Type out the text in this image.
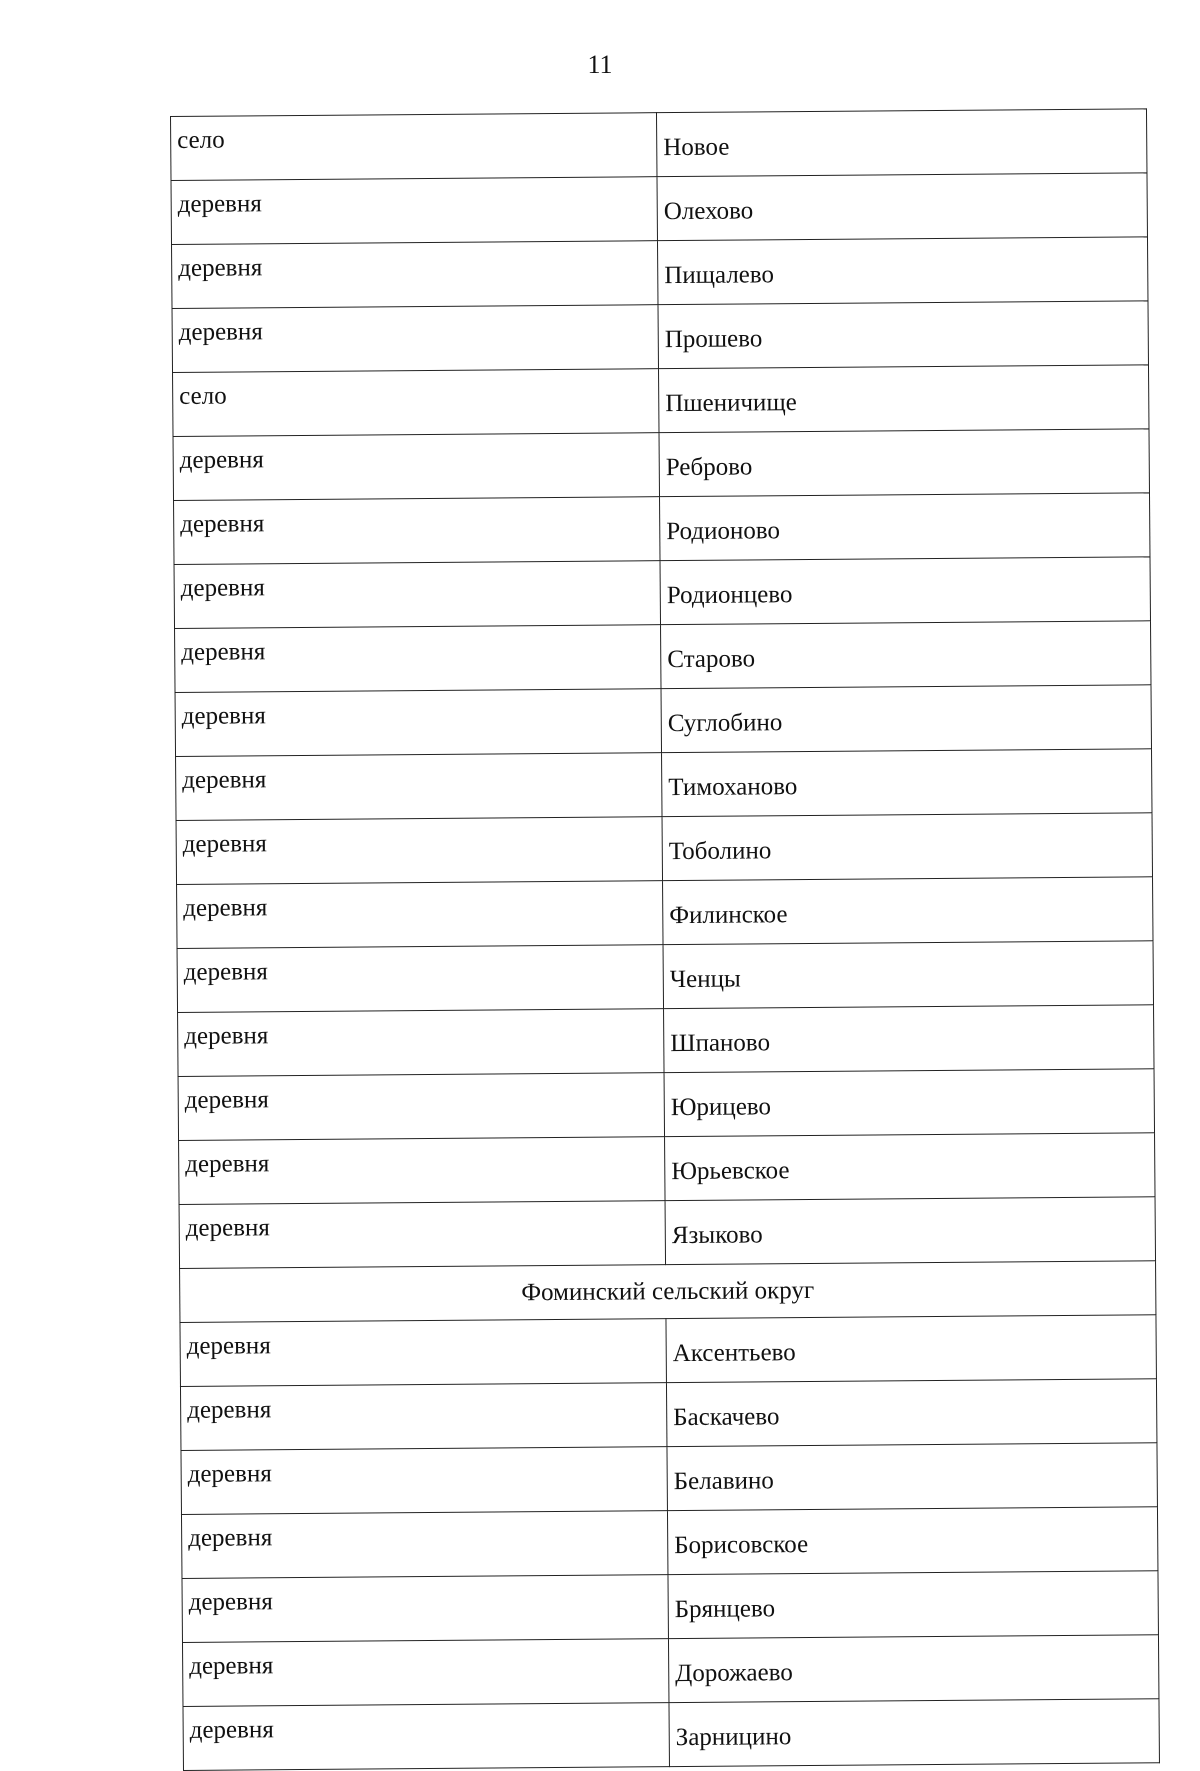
11
село	Новое
деревня	Олехово
деревня	Пищалево
деревня	Прошево
село	Пшеничище
деревня	Реброво
деревня	Родионово
деревня	Родионцево
деревня	Старово
деревня	Суглобино
деревня	Тимоханово
деревня	Тоболино
деревня	Филинское
деревня	Ченцы
деревня	Шпаново
деревня	Юрицево
деревня	Юрьевское
деревня	Языково
Фоминский сельский округ	
деревня	Аксентьево
деревня	Баскачево
деревня	Белавино
деревня	Борисовское
деревня	Брянцево
деревня	Дорожаево
деревня	Зарницино
